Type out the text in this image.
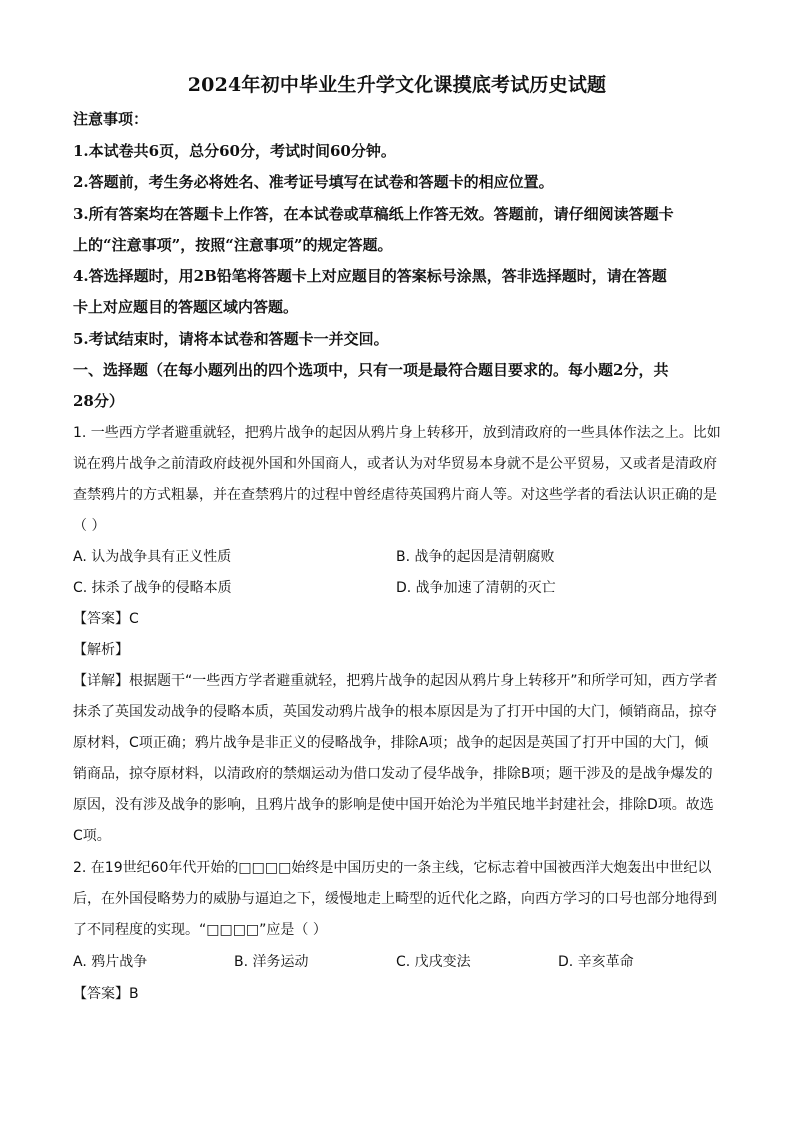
2024年初中毕业生升学文化课摸底考试历史试题
注意事项：
1.本试卷共6页，总分60分，考试时间60分钟。
2.答题前，考生务必将姓名、准考证号填写在试卷和答题卡的相应位置。
3.所有答案均在答题卡上作答，在本试卷或草稿纸上作答无效。答题前，请仔细阅读答题卡
上的“注意事项”，按照“注意事项”的规定答题。
4.答选择题时，用2B铅笔将答题卡上对应题目的答案标号涂黑，答非选择题时，请在答题
卡上对应题目的答题区域内答题。
5.考试结束时，请将本试卷和答题卡一并交回。
一、选择题（在每小题列出的四个选项中，只有一项是最符合题目要求的。每小题2分，共
28分）
1. 一些西方学者避重就轻，把鸦片战争的起因从鸦片身上转移开，放到清政府的一些具体作法之上。比如
说在鸦片战争之前清政府歧视外国和外国商人，或者认为对华贸易本身就不是公平贸易，又或者是清政府
查禁鸦片的方式粗暴，并在查禁鸦片的过程中曾经虐待英国鸦片商人等。对这些学者的看法认识正确的是
（ ）
A. 认为战争具有正义性质	B. 战争的起因是清朝腐败
C. 抹杀了战争的侵略本质	D. 战争加速了清朝的灭亡
【答案】C
【解析】
【详解】根据题干“一些西方学者避重就轻，把鸦片战争的起因从鸦片身上转移开”和所学可知，西方学者
抹杀了英国发动战争的侵略本质，英国发动鸦片战争的根本原因是为了打开中国的大门，倾销商品，掠夺
原材料，C项正确；鸦片战争是非正义的侵略战争，排除A项；战争的起因是英国了打开中国的大门，倾
销商品，掠夺原材料，以清政府的禁烟运动为借口发动了侵华战争，排除B项；题干涉及的是战争爆发的
原因，没有涉及战争的影响，且鸦片战争的影响是使中国开始沦为半殖民地半封建社会，排除D项。故选
C项。
2. 在19世纪60年代开始的□□□□始终是中国历史的一条主线，它标志着中国被西洋大炮轰出中世纪以
后，在外国侵略势力的威胁与逼迫之下，缓慢地走上畸型的近代化之路，向西方学习的口号也部分地得到
了不同程度的实现。“□□□□”应是（ ）
A. 鸦片战争	B. 洋务运动	C. 戊戌变法	D. 辛亥革命
【答案】B
